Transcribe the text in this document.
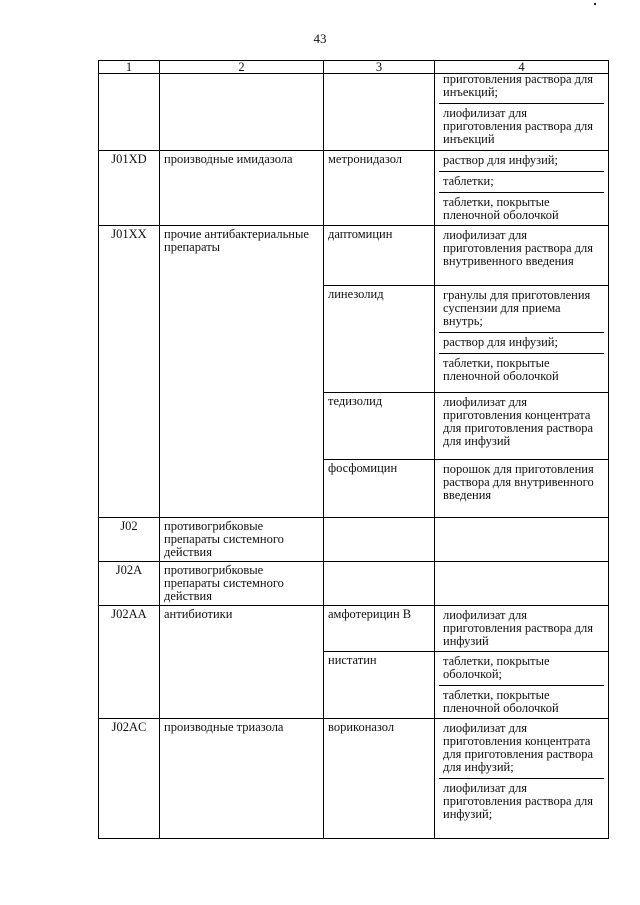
43
1	2	3	4

			приготовления раствора для инъекций;
лиофилизат для приготовления раствора для инъекций

J01XD	производные имидазола	метронидазол	раствор для инфузий;
таблетки;
таблетки, покрытые пленочной оболочкой

J01XX	прочие антибактериальные препараты	даптомицин	лиофилизат для приготовления раствора для внутривенного введения

		линезолид	гранулы для приготовления суспензии для приема внутрь;
раствор для инфузий;
таблетки, покрытые пленочной оболочкой

		тедизолид	лиофилизат для приготовления концентрата для приготовления раствора для инфузий

		фосфомицин	порошок для приготовления раствора для внутривенного введения

J02	противогрибковые препараты системного действия		
J02A	противогрибковые препараты системного действия		
J02AA	антибиотики	амфотерицин В	лиофилизат для приготовления раствора для инфузий

		нистатин	таблетки, покрытые оболочкой;
таблетки, покрытые пленочной оболочкой

J02AC	производные триазола	вориконазол	лиофилизат для приготовления концентрата для приготовления раствора для инфузий;
лиофилизат для приготовления раствора для инфузий;
